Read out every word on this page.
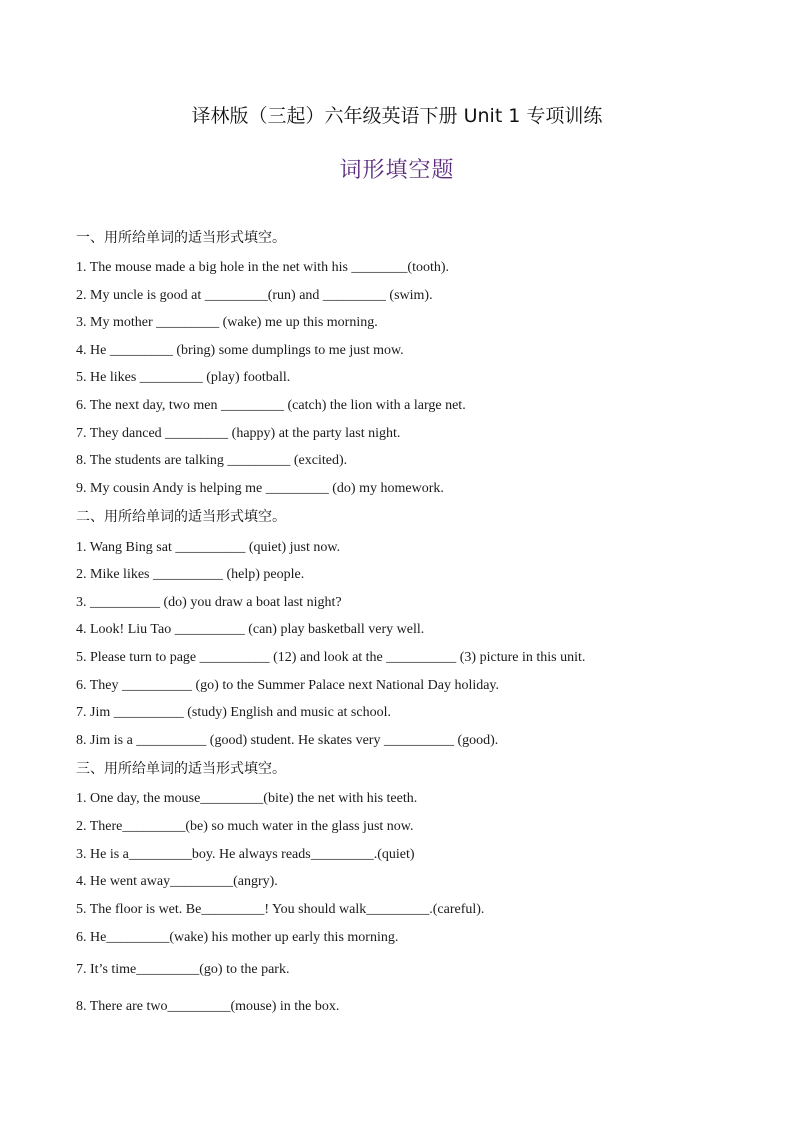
译林版（三起）六年级英语下册 Unit 1 专项训练
词形填空题
一、用所给单词的适当形式填空。
1. The mouse made a big hole in the net with his ________(tooth).
2. My uncle is good at _________(run) and _________ (swim).
3. My mother _________ (wake) me up this morning.
4. He _________ (bring) some dumplings to me just mow.
5. He likes _________ (play) football.
6. The next day, two men _________ (catch) the lion with a large net.
7. They danced _________ (happy) at the party last night.
8. The students are talking _________ (excited).
9. My cousin Andy is helping me _________ (do) my homework.
二、用所给单词的适当形式填空。
1. Wang Bing sat __________ (quiet) just now.
2. Mike likes __________ (help) people.
3. __________ (do) you draw a boat last night?
4. Look! Liu Tao __________ (can) play basketball very well.
5. Please turn to page __________ (12) and look at the __________ (3) picture in this unit.
6. They __________ (go) to the Summer Palace next National Day holiday.
7. Jim __________ (study) English and music at school.
8. Jim is a __________ (good) student. He skates very __________ (good).
三、用所给单词的适当形式填空。
1. One day, the mouse_________(bite) the net with his teeth.
2. There_________(be) so much water in the glass just now.
3. He is a_________boy. He always reads_________.(quiet)
4. He went away_________(angry).
5. The floor is wet. Be_________! You should walk_________.(careful).
6. He_________(wake) his mother up early this morning.
7. It’s time_________(go) to the park.
8. There are two_________(mouse) in the box.
